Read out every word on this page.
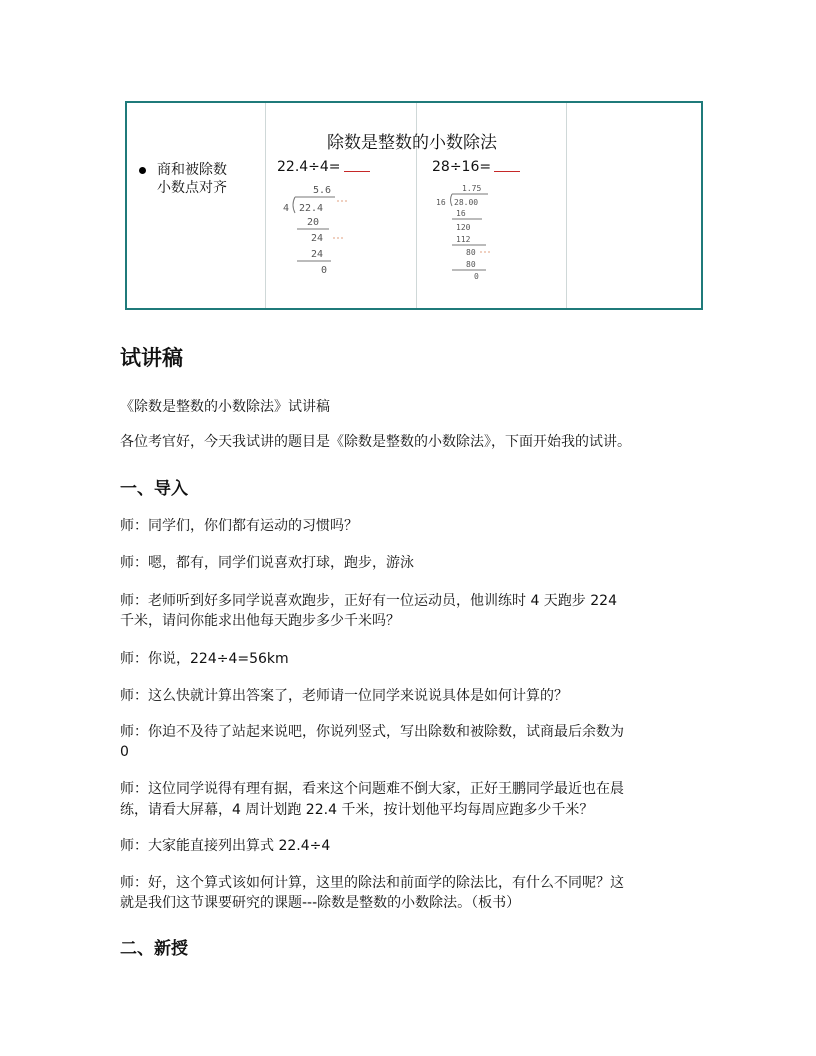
商和被除数
小数点对齐
除数是整数的小数除法
22.4÷4=	28÷16=
5.6
4 22.4
20
24
24
0
1.75
16 28.00
16
120
112
80
80
0
试讲稿
《除数是整数的小数除法》试讲稿
各位考官好，今天我试讲的题目是《除数是整数的小数除法》，下面开始我的试讲。
一、导入
师：同学们，你们都有运动的习惯吗？
师：嗯，都有，同学们说喜欢打球，跑步，游泳
师：老师听到好多同学说喜欢跑步，正好有一位运动员，他训练时 4 天跑步 224
千米，请问你能求出他每天跑步多少千米吗？
师：你说，224÷4=56km
师：这么快就计算出答案了，老师请一位同学来说说具体是如何计算的？
师：你迫不及待了站起来说吧，你说列竖式，写出除数和被除数，试商最后余数为
0
师：这位同学说得有理有据，看来这个问题难不倒大家，正好王鹏同学最近也在晨
练，请看大屏幕，4 周计划跑 22.4 千米，按计划他平均每周应跑多少千米？
师：大家能直接列出算式 22.4÷4
师：好，这个算式该如何计算，这里的除法和前面学的除法比，有什么不同呢？这
就是我们这节课要研究的课题---除数是整数的小数除法。（板书）
二、新授
